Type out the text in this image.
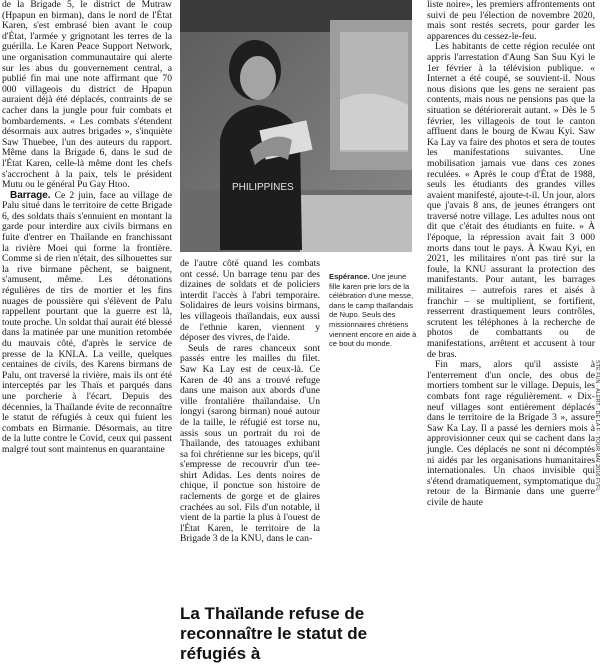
de la Brigade 5, le district de Mutraw (Hpapun en birman), dans le nord de l'État Karen, s'est embrasé bien avant le coup d'État, l'armée y grignotant les terres de la guérilla. Le Karen Peace Support Network, une organisation communautaire qui alerte sur les abus du gouvernement central, a publié fin mai une note affirmant que 70 000 villageois du district de Hpapun auraient déjà été déplacés, contraints de se cacher dans la jungle pour fuir combats et bombardements. « Les combats s'étendent désormais aux autres brigades », s'inquiète Saw Thuebee, l'un des auteurs du rapport. Même dans la Brigade 6, dans le sud de l'État Karen, celle-là même dont les chefs s'accrochent à la paix, tels le président Mutu ou le général Pu Gay Htoo.

Barrage. Ce 2 juin, face au village de Palu situé dans le territoire de cette Brigade 6, des soldats thaïs s'ennuient en montant la garde pour interdire aux civils birmans en fuite d'entrer en Thaïlande en franchissant la rivière Moei qui forme la frontière. Comme si de rien n'était, des silhouettes sur la rive birmane pêchent, se baignent, s'amusent, même. Les détonations régulières de tirs de mortier et les fins nuages de poussière qui s'élèvent de Palu rappellent pourtant que la guerre est là, toute proche. Un soldat thaï aurait été blessé dans la matinée par une munition retombée du mauvais côté, d'après le service de presse de la KNLA. La veille, quelques centaines de civils, des Karens birmans de Palu, ont traversé la rivière, mais ils ont été interceptés par les Thaïs et parqués dans une porcherie à l'écart. Depuis des décennies, la Thaïlande évite de reconnaître le statut de réfugiés à ceux qui fuient les combats en Birmanie. Désormais, au titre de la lutte contre le Covid, ceux qui passent malgré tout sont maintenus en quarantaine

PHILIPPINES
Espérance. Une jeune fille karen prie lors de la célébration d'une messe, dans le camp thaïlandais de Nupo. Seuls des missionnaires chrétiens viennent encore en aide à ce bout du monde.

de l'autre côté quand les combats ont cessé. Un barrage tenu par des dizaines de soldats et de policiers interdit l'accès à l'abri temporaire. Solidaires de leurs voisins birmans, les villageois thaïlandais, eux aussi de l'ethnie karen, viennent y déposer des vivres, de l'aide.

Seuls de rares chanceux sont passés entre les mailles du filet. Saw Ka Lay est de ceux-là. Ce Karen de 40 ans a trouvé refuge dans une maison aux abords d'une ville frontalière thaïlandaise. Un longyi (sarong birman) noué autour de la taille, le réfugié est torse nu, assis sous un portrait du roi de Thaïlande, des tatouages exhibant sa foi chrétienne sur les biceps, qu'il s'empresse de recouvrir d'un tee-shirt Adidas. Les dents noires de chique, il ponctue son histoire de raclements de gorge et de glaires crachées au sol. Fils d'un notable, il vient de la partie la plus à l'ouest de l'État Karen, le territoire de la Brigade 3 de la KNU, dans le can-

La Thaïlande refuse de reconnaître le statut de réfugiés à

liste noire», les premiers affrontements ont suivi de peu l'élection de novembre 2020, mais sont restés secrets, pour garder les apparences du cessez-le-feu.

Les habitants de cette région reculée ont appris l'arrestation d'Aung San Suu Kyi le 1er février à la télévision publique. « Internet a été coupé, se souvient-il. Nous nous disions que les gens ne seraient pas contents, mais nous ne pensions pas que la situation se détériorerait autant. » Dès le 5 février, les villageois de tout le canton affluent dans le bourg de Kwau Kyi. Saw Ka Lay va faire des photos et sera de toutes les manifestations suivantes. Une mobilisation jamais vue dans ces zones reculées. « Après le coup d'État de 1988, seuls les étudiants des grandes villes avaient manifesté, ajoute-t-il. Un jour, alors que j'avais 8 ans, de jeunes étrangers ont traversé notre village. Les adultes nous ont dit que c'était des étudiants en fuite. » À l'époque, la répression avait fait 3 000 morts dans tout le pays. À Kwau Kyi, en 2021, les militaires n'ont pas tiré sur la foule, la KNU assurant la protection des manifestants. Pour autant, les barrages militaires – autrefois rares et aisés à franchir – se multiplient, se fortifient, resserrent drastiquement leurs contrôles, scrutent les téléphones à la recherche de photos de combattants ou de manifestations, arrêtent et accusent à tour de bras.

Fin mars, alors qu'il assiste à l'enterrement d'un oncle, des obus de mortiers tombent sur le village. Depuis, les combats font rage régulièrement. « Dix-neuf villages sont entièrement déplacés dans le territoire de la Brigade 3 », assure Saw Ka Lay. Il a passé les derniers mois à approvisionner ceux qui se cachent dans la jungle. Ces déplacés ne sont ni décomptés ni aidés par les organisations humanitaires internationales. Un chaos invisible qui s'étend dramatiquement, symptomatique du retour de la Birmanie dans une guerre civile de haute

STE FUN · ALERT · DE LA F · TOUR MAI 2016 FVFL
